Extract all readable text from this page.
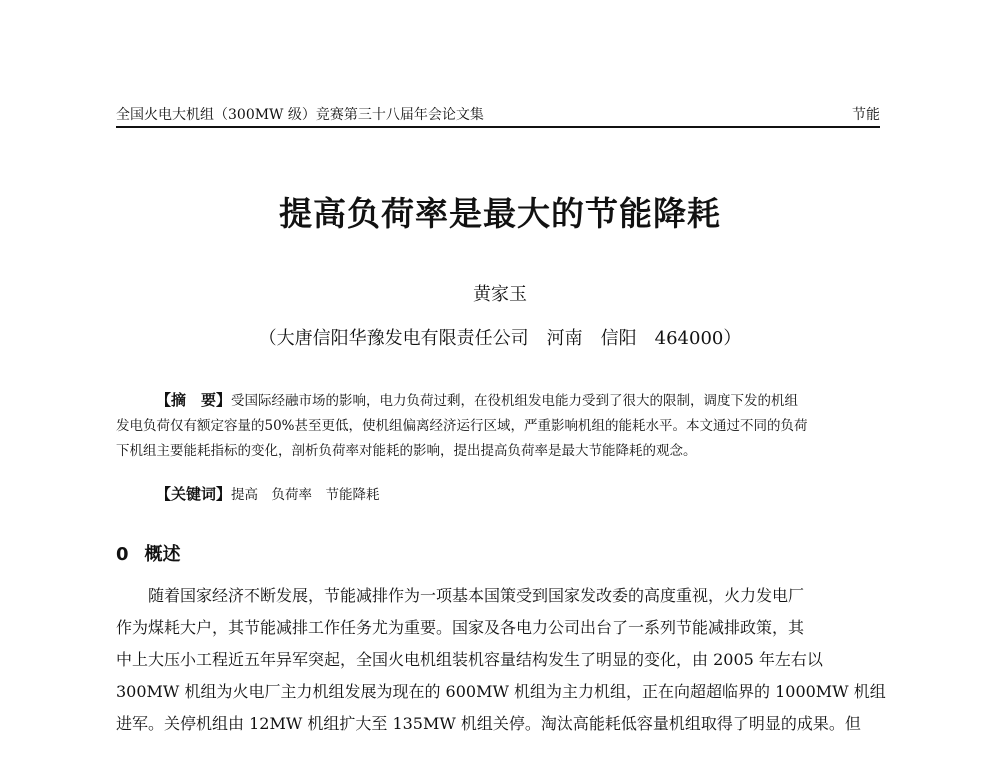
全国火电大机组（300MW 级）竞赛第三十八届年会论文集	节能
提高负荷率是最大的节能降耗
黄家玉
（大唐信阳华豫发电有限责任公司　河南　信阳　464000）
【摘　要】受国际经融市场的影响，电力负荷过剩，在役机组发电能力受到了很大的限制，调度下发的机组
发电负荷仅有额定容量的50%甚至更低，使机组偏离经济运行区域，严重影响机组的能耗水平。本文通过不同的负荷
下机组主要能耗指标的变化，剖析负荷率对能耗的影响，提出提高负荷率是最大节能降耗的观念。
【关键词】提高　负荷率　节能降耗
0 概述
随着国家经济不断发展，节能减排作为一项基本国策受到国家发改委的高度重视，火力发电厂
作为煤耗大户，其节能减排工作任务尤为重要。国家及各电力公司出台了一系列节能减排政策，其
中上大压小工程近五年异军突起，全国火电机组装机容量结构发生了明显的变化，由 2005 年左右以
300MW 机组为火电厂主力机组发展为现在的 600MW 机组为主力机组，正在向超超临界的 1000MW 机组
进军。关停机组由 12MW 机组扩大至 135MW 机组关停。淘汰高能耗低容量机组取得了明显的成果。但
